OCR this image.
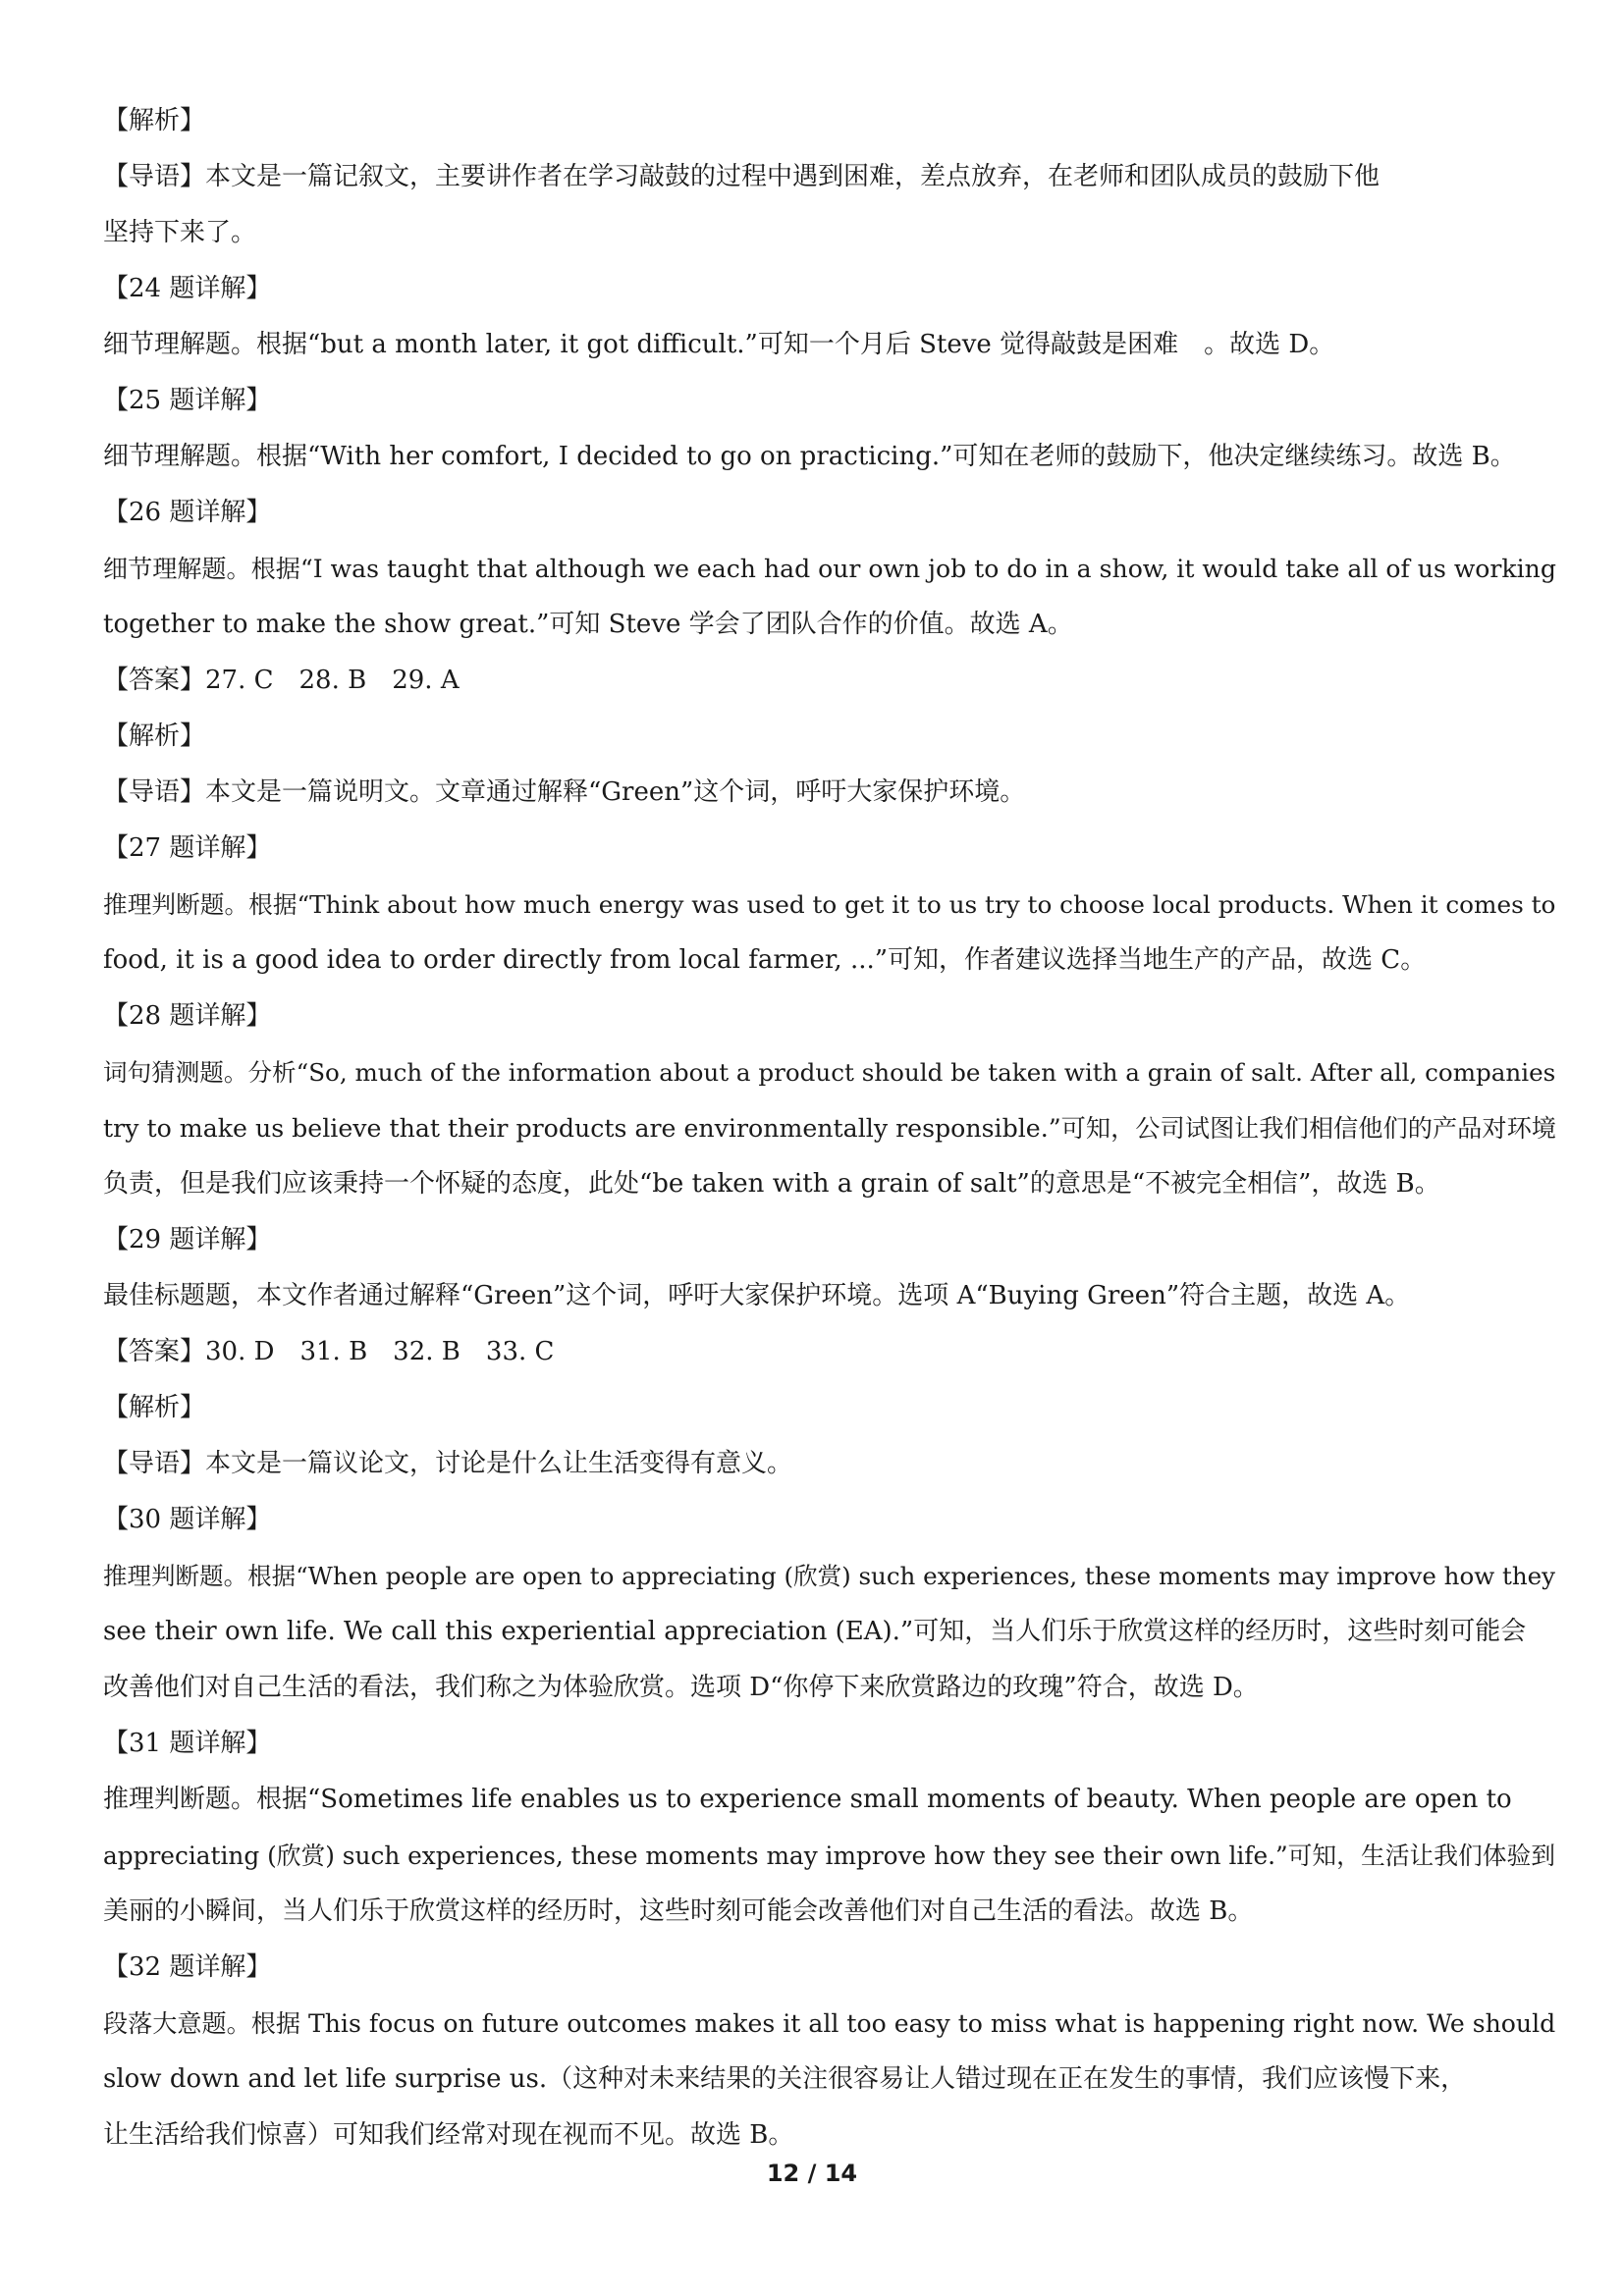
【解析】
【导语】本文是一篇记叙文，主要讲作者在学习敲鼓的过程中遇到困难，差点放弃，在老师和团队成员的鼓励下他
坚持下来了。
【24 题详解】
细节理解题。根据“but a month later, it got difficult.”可知一个月后 Steve 觉得敲鼓是困难　。故选 D。
【25 题详解】
细节理解题。根据“With her comfort, I decided to go on practicing.”可知在老师的鼓励下，他决定继续练习。故选 B。
【26 题详解】
细节理解题。根据“I was taught that although we each had our own job to do in a show, it would take all of us working
together to make the show great.”可知 Steve 学会了团队合作的价值。故选 A。
【答案】27. C　28. B　29. A
【解析】
【导语】本文是一篇说明文。文章通过解释“Green”这个词，呼吁大家保护环境。
【27 题详解】
推理判断题。根据“Think about how much energy was used to get it to us try to choose local products. When it comes to
food, it is a good idea to order directly from local farmer, ...”可知，作者建议选择当地生产的产品，故选 C。
【28 题详解】
词句猜测题。分析“So, much of the information about a product should be taken with a grain of salt. After all, companies
try to make us believe that their products are environmentally responsible.”可知，公司试图让我们相信他们的产品对环境
负责，但是我们应该秉持一个怀疑的态度，此处“be taken with a grain of salt”的意思是“不被完全相信”，故选 B。
【29 题详解】
最佳标题题，本文作者通过解释“Green”这个词，呼吁大家保护环境。选项 A“Buying Green”符合主题，故选 A。
【答案】30. D　31. B　32. B　33. C
【解析】
【导语】本文是一篇议论文，讨论是什么让生活变得有意义。
【30 题详解】
推理判断题。根据“When people are open to appreciating (欣赏) such experiences, these moments may improve how they
see their own life. We call this experiential appreciation (EA).”可知，当人们乐于欣赏这样的经历时，这些时刻可能会
改善他们对自己生活的看法，我们称之为体验欣赏。选项 D“你停下来欣赏路边的玫瑰”符合，故选 D。
【31 题详解】
推理判断题。根据“Sometimes life enables us to experience small moments of beauty. When people are open to
appreciating (欣赏) such experiences, these moments may improve how they see their own life.”可知，生活让我们体验到
美丽的小瞬间，当人们乐于欣赏这样的经历时，这些时刻可能会改善他们对自己生活的看法。故选 B。
【32 题详解】
段落大意题。根据 This focus on future outcomes makes it all too easy to miss what is happening right now. We should
slow down and let life surprise us.（这种对未来结果的关注很容易让人错过现在正在发生的事情，我们应该慢下来，
让生活给我们惊喜）可知我们经常对现在视而不见。故选 B。
12 / 14
